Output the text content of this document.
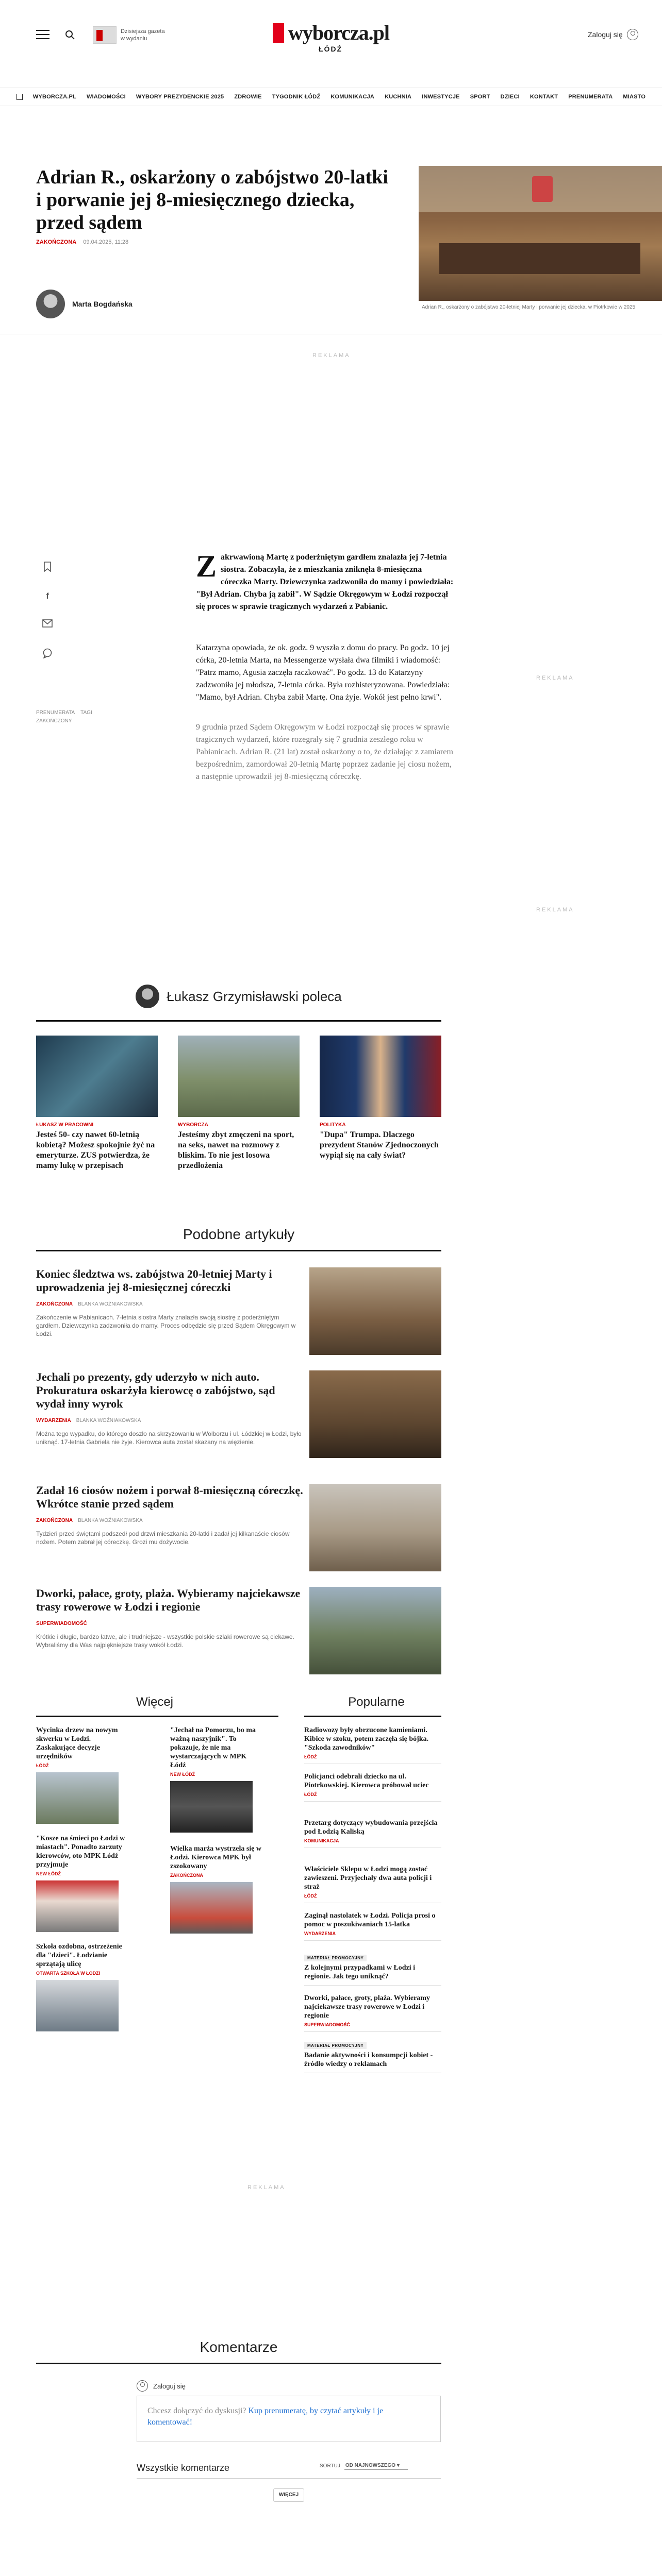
Dzisiejsza gazeta
w wydaniu	wyborcza.pl
ŁÓDŹ
Zaloguj się
WYBORCZA.PL WIADOMOŚCI WYBORY PREZYDENCKIE 2025 ZDROWIE TYGODNIK ŁÓDŹ KOMUNIKACJA KUCHNIA INWESTYCJE SPORT DZIECI KONTAKT PRENUMERATA MIASTO
Adrian R., oskarżony o zabójstwo 20-latki i porwanie jej 8-miesięcznego dziecka, przed sądem
ZAKOŃCZONA 09.04.2025, 11:28
Marta Bogdańska	Adrian R., oskarżony o zabójstwo 20-letniej Marty i porwanie jej dziecka, w Piotrkowie w 2025
REKLAMA
f
PRENUMERATA TAGI
ZAKOŃCZONY
Zakrwawioną Martę z poderżniętym gardłem znalazła jej 7-letnia siostra. Zobaczyła, że z mieszkania zniknęła 8-miesięczna córeczka Marty. Dziewczynka zadzwoniła do mamy i powiedziała: "Był Adrian. Chyba ją zabił". W Sądzie Okręgowym w Łodzi rozpoczął się proces w sprawie tragicznych wydarzeń z Pabianic.

Katarzyna opowiada, że ok. godz. 9 wyszła z domu do pracy. Po godz. 10 jej córka, 20-letnia Marta, na Messengerze wysłała dwa filmiki i wiadomość: "Patrz mamo, Agusia zaczęła raczkować". Po godz. 13 do Katarzyny zadzwoniła jej młodsza, 7-letnia córka. Była rozhisteryzowana. Powiedziała: "Mamo, był Adrian. Chyba zabił Martę. Ona żyje. Wokół jest pełno krwi".

9 grudnia przed Sądem Okręgowym w Łodzi rozpoczął się proces w sprawie tragicznych wydarzeń, które rozegrały się 7 grudnia zeszłego roku w Pabianicach. Adrian R. (21 lat) został oskarżony o to, że działając z zamiarem bezpośrednim, zamordował 20-letnią Martę poprzez zadanie jej ciosu nożem, a następnie uprowadził jej 8-miesięczną córeczkę.

REKLAMA
REKLAMA
Łukasz Grzymisławski poleca
ŁUKASZ W PRACOWNI
Jesteś 50- czy nawet 60-letnią kobietą? Możesz spokojnie żyć na emeryturze. ZUS potwierdza, że mamy lukę w przepisach
WYBORCZA
Jesteśmy zbyt zmęczeni na sport, na seks, nawet na rozmowy z bliskim. To nie jest losowa przedłożenia
POLITYKA
"Dupa" Trumpa. Dlaczego prezydent Stanów Zjednoczonych wypiął się na cały świat?
Podobne artykuły
Koniec śledztwa ws. zabójstwa 20-letniej Marty i uprowadzenia jej 8-miesięcznej córeczki
ZAKOŃCZONA BLANKA WOŹNIAKOWSKA
Zakończenie w Pabianicach. 7-letnia siostra Marty znalazła swoją siostrę z poderżniętym gardłem. Dziewczynka zadzwoniła do mamy. Proces odbędzie się przed Sądem Okręgowym w Łodzi.
Jechali po prezenty, gdy uderzyło w nich auto. Prokuratura oskarżyła kierowcę o zabójstwo, sąd wydał inny wyrok
WYDARZENIA BLANKA WOŹNIAKOWSKA
Można tego wypadku, do którego doszło na skrzyżowaniu w Wolborzu i ul. Łódzkiej w Łodzi, było uniknąć. 17-letnia Gabriela nie żyje. Kierowca auta został skazany na więzienie.
Zadał 16 ciosów nożem i porwał 8-miesięczną córeczkę. Wkrótce stanie przed sądem
ZAKOŃCZONA BLANKA WOŹNIAKOWSKA
Tydzień przed świętami podszedł pod drzwi mieszkania 20-latki i zadał jej kilkanaście ciosów nożem. Potem zabrał jej córeczkę. Grozi mu dożywocie.
Dworki, pałace, groty, plaża. Wybieramy najciekawsze trasy rowerowe w Łodzi i regionie
SUPERWIADOMOŚĆ
Krótkie i długie, bardzo łatwe, ale i trudniejsze - wszystkie polskie szlaki rowerowe są ciekawe. Wybraliśmy dla Was najpiękniejsze trasy wokół Łodzi.
Więcej	Popularne
Wycinka drzew na nowym skwerku w Łodzi. Zaskakujące decyzje urzędników
ŁÓDŹ
"Kosze na śmieci po Łodzi w miastach". Ponadto zarzuty kierowców, oto MPK Łódź przyjmuje
NEW ŁÓDŹ
Szkoła ozdobna, ostrzeżenie dla "dzieci". Łodzianie sprzątają ulicę
OTWARTA SZKOŁA W ŁODZI
"Jechał na Pomorzu, bo ma ważną naszyjnik". To pokazuje, że nie ma wystarczających w MPK Łódź
NEW ŁÓDŹ
Wielka marża wystrzela się w Łodzi. Kierowca MPK był zszokowany
ZAKOŃCZONA
Radiowozy były obrzucone kamieniami. Kibice w szoku, potem zaczęła się bójka. "Szkoda zawodników"
ŁÓDŹ
Policjanci odebrali dziecko na ul. Piotrkowskiej. Kierowca próbował uciec
ŁÓDŹ
Przetarg dotyczący wybudowania przejścia pod Łodzią Kaliską
KOMUNIKACJA
Właściciele Sklepu w Łodzi mogą zostać zawieszeni. Przyjechały dwa auta policji i straż
ŁÓDŹ
Zaginął nastolatek w Łodzi. Policja prosi o pomoc w poszukiwaniach 15-latka
WYDARZENIA
MATERIAŁ PROMOCYJNY
Z kolejnymi przypadkami w Łodzi i regionie. Jak tego uniknąć?
Dworki, pałace, groty, plaża. Wybieramy najciekawsze trasy rowerowe w Łodzi i regionie
SUPERWIADOMOŚĆ
MATERIAŁ PROMOCYJNY
Badanie aktywności i konsumpcji kobiet - źródło wiedzy o reklamach
REKLAMA
Komentarze
Zaloguj się
Chcesz dołączyć do dyskusji? Kup prenumeratę, by czytać artykuły i je komentować!
Wszystkie komentarze	SORTUJ OD NAJNOWSZEGO ▾
WIĘCEJ
